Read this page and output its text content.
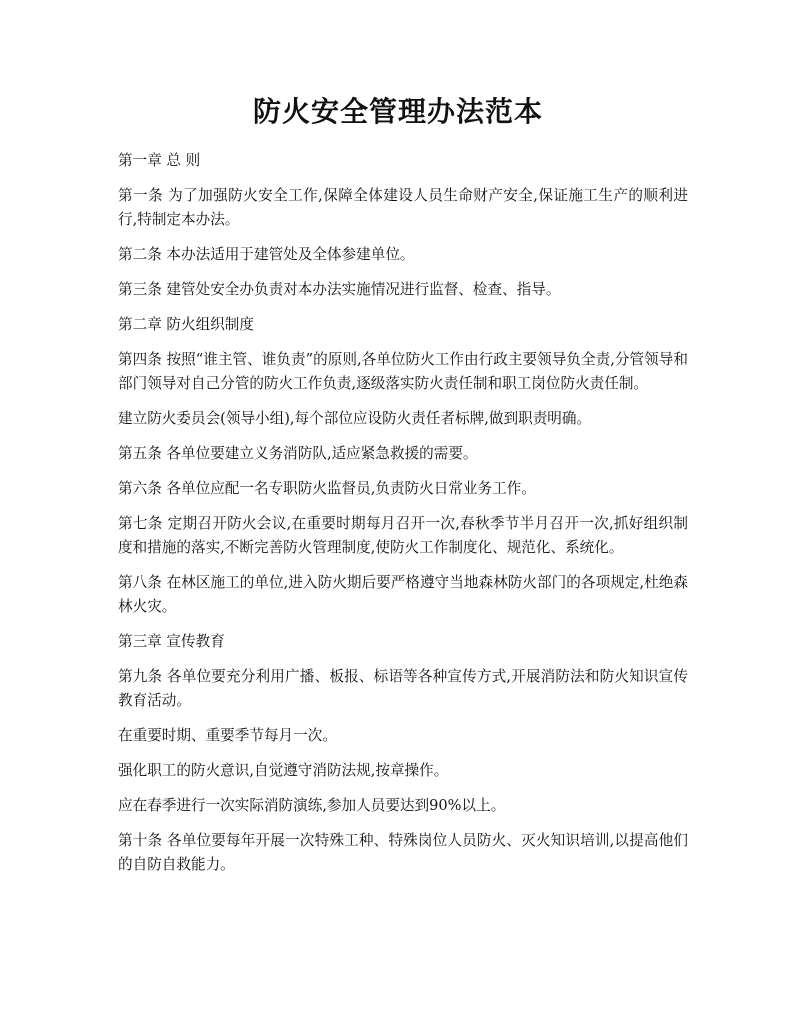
防火安全管理办法范本

第一章 总 则

第一条 为了加强防火安全工作,保障全体建设人员生命财产安全,保证施工生产的顺利进行,特制定本办法。

第二条 本办法适用于建管处及全体参建单位。

第三条 建管处安全办负责对本办法实施情况进行监督、检查、指导。

第二章 防火组织制度

第四条 按照“谁主管、谁负责”的原则,各单位防火工作由行政主要领导负全责,分管领导和部门领导对自己分管的防火工作负责,逐级落实防火责任制和职工岗位防火责任制。

建立防火委员会(领导小组),每个部位应设防火责任者标牌,做到职责明确。

第五条 各单位要建立义务消防队,适应紧急救援的需要。

第六条 各单位应配一名专职防火监督员,负责防火日常业务工作。

第七条 定期召开防火会议,在重要时期每月召开一次,春秋季节半月召开一次,抓好组织制度和措施的落实,不断完善防火管理制度,使防火工作制度化、规范化、系统化。

第八条 在林区施工的单位,进入防火期后要严格遵守当地森林防火部门的各项规定,杜绝森林火灾。

第三章 宣传教育

第九条 各单位要充分利用广播、板报、标语等各种宣传方式,开展消防法和防火知识宣传教育活动。

在重要时期、重要季节每月一次。

强化职工的防火意识,自觉遵守消防法规,按章操作。

应在春季进行一次实际消防演练,参加人员要达到90%以上。

第十条 各单位要每年开展一次特殊工种、特殊岗位人员防火、灭火知识培训,以提高他们的自防自救能力。
